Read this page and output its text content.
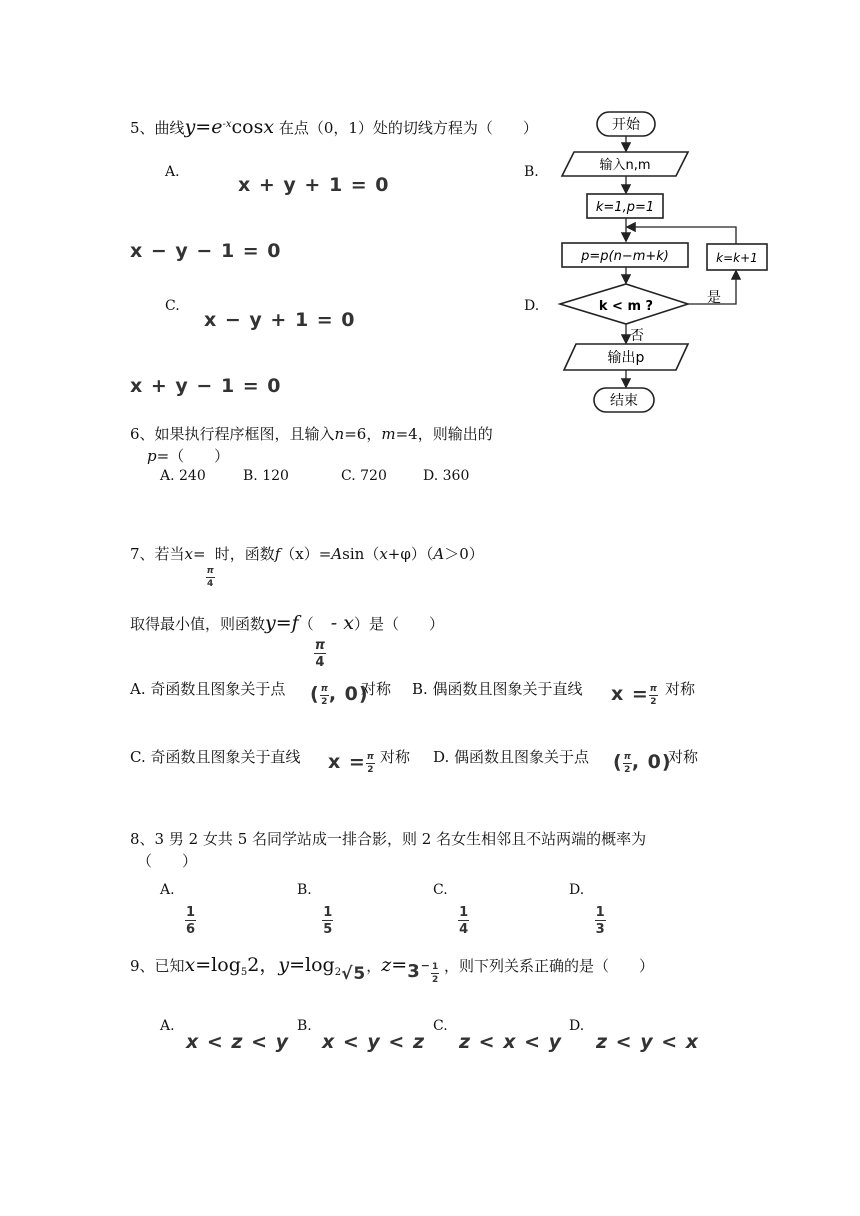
5、曲线$y=e^{-x}\cos x$ 在点（0，1）处的切线方程为（　　）
A.
x + y + 1 = 0
B.
x − y − 1 = 0
C.
x − y + 1 = 0
D.
x + y − 1 = 0
开始
输入n,m
k=1,p=1
p=p(n−m+k)	k=k+1
k < m ?
是
否
输出p
结束
6、如果执行程序框图，且输入n=6，m=4，则输出的
p=（　　）
A. 240	B. 120	C. 720	D. 360
7、若当x=
$\frac{\pi}{4}$
时，函数f（x）=Asin（x+φ）（A＞0）
取得最小值，则函数y=f（
$\frac{\pi}{4}$
- x）是（　　）
A. 奇函数且图象关于点 ( $\frac{\pi}{2}$ , 0)
对称 B. 偶函数且图象关于直线 $x = \frac{\pi}{2}$ 对称
C. 奇函数且图象关于直线 $x = \frac{\pi}{2}$ 对称 D. 偶函数且图象关于点 ( $\frac{\pi}{2}$ , 0)
对称
8、3 男 2 女共 5 名同学站成一排合影，则 2 名女生相邻且不站两端的概率为
（　　）
A.
$\frac{1}{6}$
B.
$\frac{1}{5}$
C.
$\frac{1}{4}$
D.
$\frac{1}{3}$
9、已知$x=\log_52$，$y=\log_2√5$，$z=3- \frac{1}{2}$ ，则下列关系正确的是（　　）
A.
x < z < y
B.
x < y < z
C.
z < x < y
D.
z < y < x
